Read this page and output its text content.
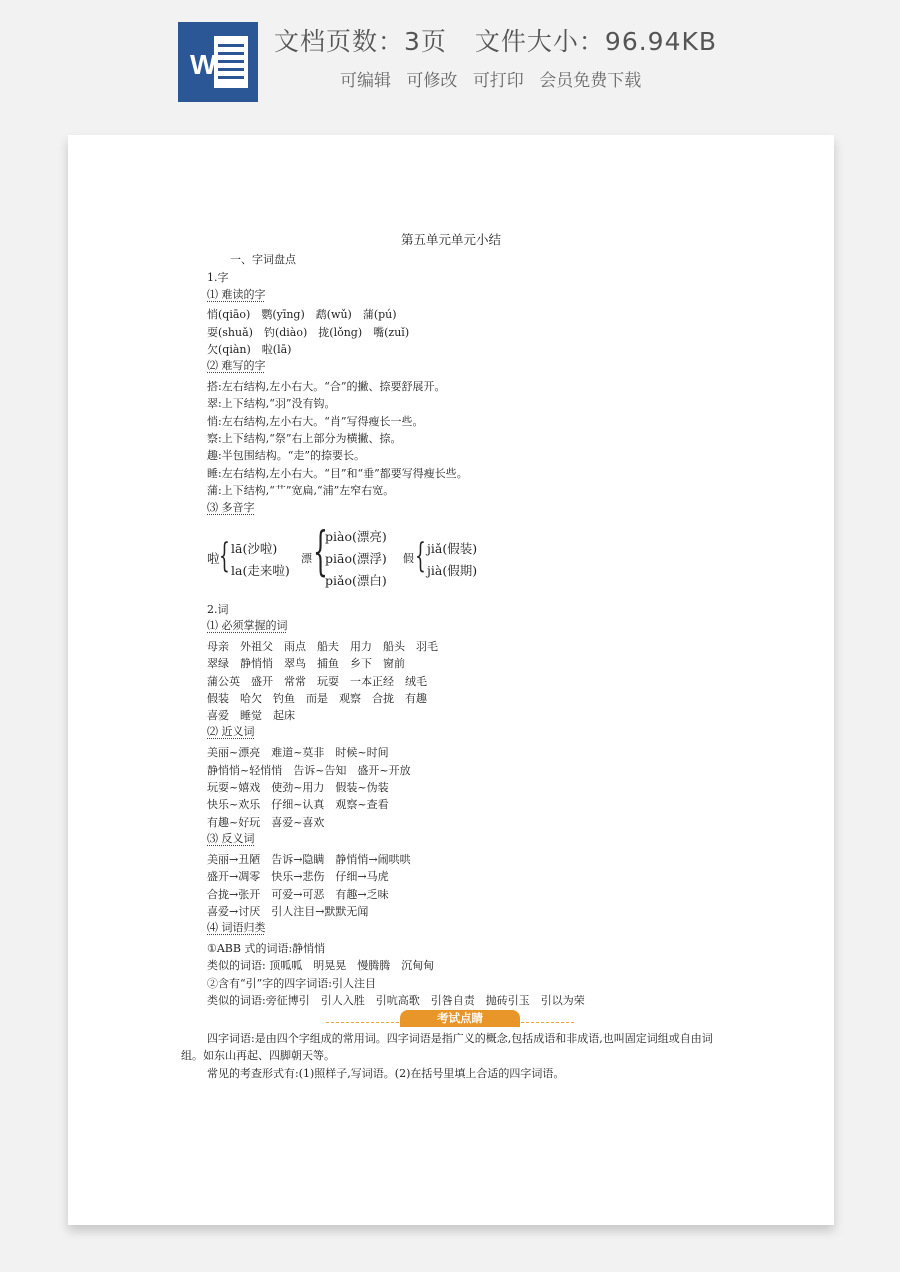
W
文档页数：3页 文件大小：96.94KB
可编辑 可修改 可打印 会员免费下载
第五单元单元小结
一、字词盘点
1.字
⑴ 难读的字
悄(qiāo)　鹦(yīng)　鹉(wǔ)　蒲(pú)
耍(shuǎ)　钓(diào)　拢(lǒng)　嘴(zuǐ)
欠(qiàn)　啦(lā)
⑵ 难写的字
搭:左右结构,左小右大。“合”的撇、捺要舒展开。
翠:上下结构,“羽”没有钩。
悄:左右结构,左小右大。“肖”写得瘦长一些。
察:上下结构,“祭”右上部分为横撇、捺。
趣:半包围结构。“走”的捺要长。
睡:左右结构,左小右大。“目”和“垂”都要写得瘦长些。
蒲:上下结构,“艹”宽扁,“浦”左窄右宽。
⑶ 多音字
啦 { lā(沙啦)
la(走来啦)
漂 {
piào(漂亮)
piāo(漂浮)
piǎo(漂白)
假 { jiǎ(假装)
jià(假期)
2.词
⑴ 必须掌握的词
母亲　外祖父　雨点　船夫　用力　船头　羽毛
翠绿　静悄悄　翠鸟　捕鱼　乡下　窗前
蒲公英　盛开　常常　玩耍　一本正经　绒毛
假装　哈欠　钓鱼　而是　观察　合拢　有趣
喜爱　睡觉　起床
⑵ 近义词
美丽~漂亮　难道~莫非　时候~时间
静悄悄~轻悄悄　告诉~告知　盛开~开放
玩耍~嬉戏　使劲~用力　假装~伪装
快乐~欢乐　仔细~认真　观察~查看
有趣~好玩　喜爱~喜欢
⑶ 反义词
美丽→丑陋　告诉→隐瞒　静悄悄→闹哄哄
盛开→凋零　快乐→悲伤　仔细→马虎
合拢→张开　可爱→可恶　有趣→乏味
喜爱→讨厌　引人注目→默默无闻
⑷ 词语归类
①ABB 式的词语:静悄悄
类似的词语: 顶呱呱　明晃晃　慢腾腾　沉甸甸
②含有“引”字的四字词语:引人注目
类似的词语:旁征博引　引人入胜　引吭高歌　引咎自责　抛砖引玉　引以为荣
考试点睛
四字词语:是由四个字组成的常用词。四字词语是指广义的概念,包括成语和非成语,也叫固定词组或自由词组。如东山再起、四脚朝天等。
常见的考查形式有:(1)照样子,写词语。(2)在括号里填上合适的四字词语。
